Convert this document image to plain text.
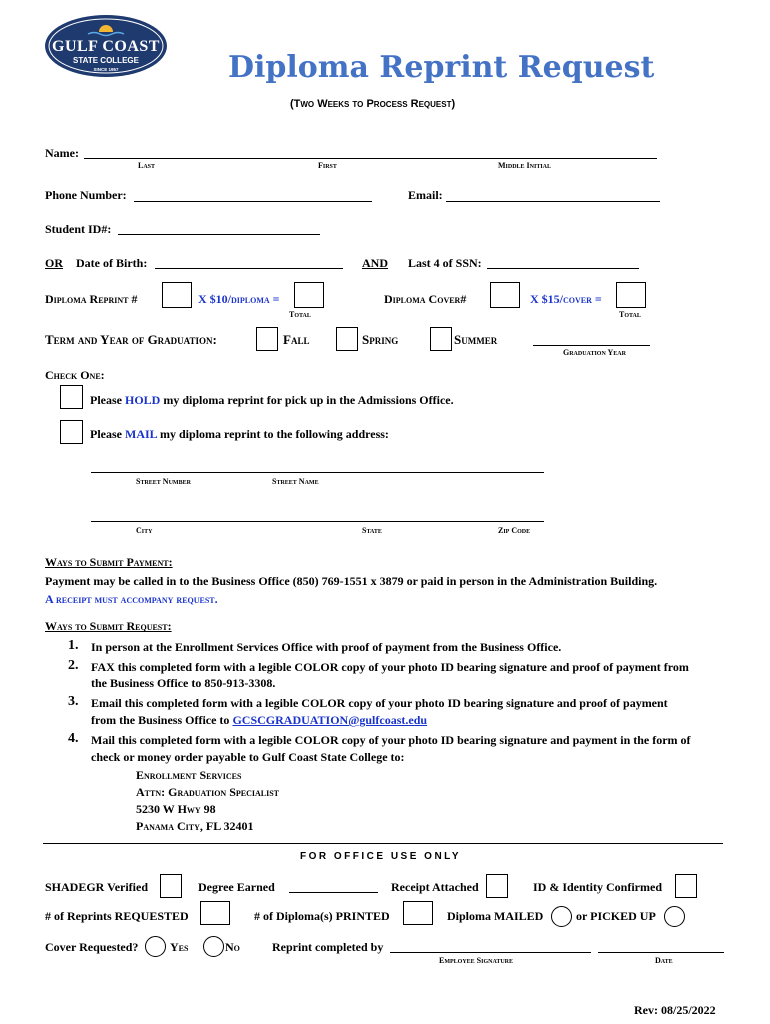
GULF COAST
STATE COLLEGE
SINCE 1957	Diploma Reprint Request
(Two Weeks to Process Request)
Name:
Last	First	Middle Initial
Phone Number:	Email:
Student ID#:
OR Date of Birth:	AND Last 4 of SSN:
Diploma Reprint #	X $10/diploma =
Total
Diploma Cover#	X $15/cover =
Total
Term and Year of Graduation:	Fall	Spring	Summer
Graduation Year
Check One:
Please HOLD my diploma reprint for pick up in the Admissions Office.
Please MAIL my diploma reprint to the following address:
Street Number	Street Name
City	State	Zip Code
Ways to Submit Payment:
Payment may be called in to the Business Office (850) 769-1551 x 3879 or paid in person in the Administration Building.
A receipt must accompany request.
Ways to Submit Request:
1. In person at the Enrollment Services Office with proof of payment from the Business Office.
2. FAX this completed form with a legible COLOR copy of your photo ID bearing signature and proof of payment from
the Business Office to 850-913-3308.
3. Email this completed form with a legible COLOR copy of your photo ID bearing signature and proof of payment
from the Business Office to GCSCGRADUATION@gulfcoast.edu
4. Mail this completed form with a legible COLOR copy of your photo ID bearing signature and payment in the form of
check or money order payable to Gulf Coast State College to:
Enrollment Services
Attn: Graduation Specialist
5230 W Hwy 98
Panama City, FL 32401
FOR OFFICE USE ONLY
SHADEGR Verified	Degree Earned	Receipt Attached	ID & Identity Confirmed
# of Reprints REQUESTED	# of Diploma(s) PRINTED	Diploma MAILED	or PICKED UP
Cover Requested?	Yes	No	Reprint completed by
Employee Signature	Date
Rev: 08/25/2022
